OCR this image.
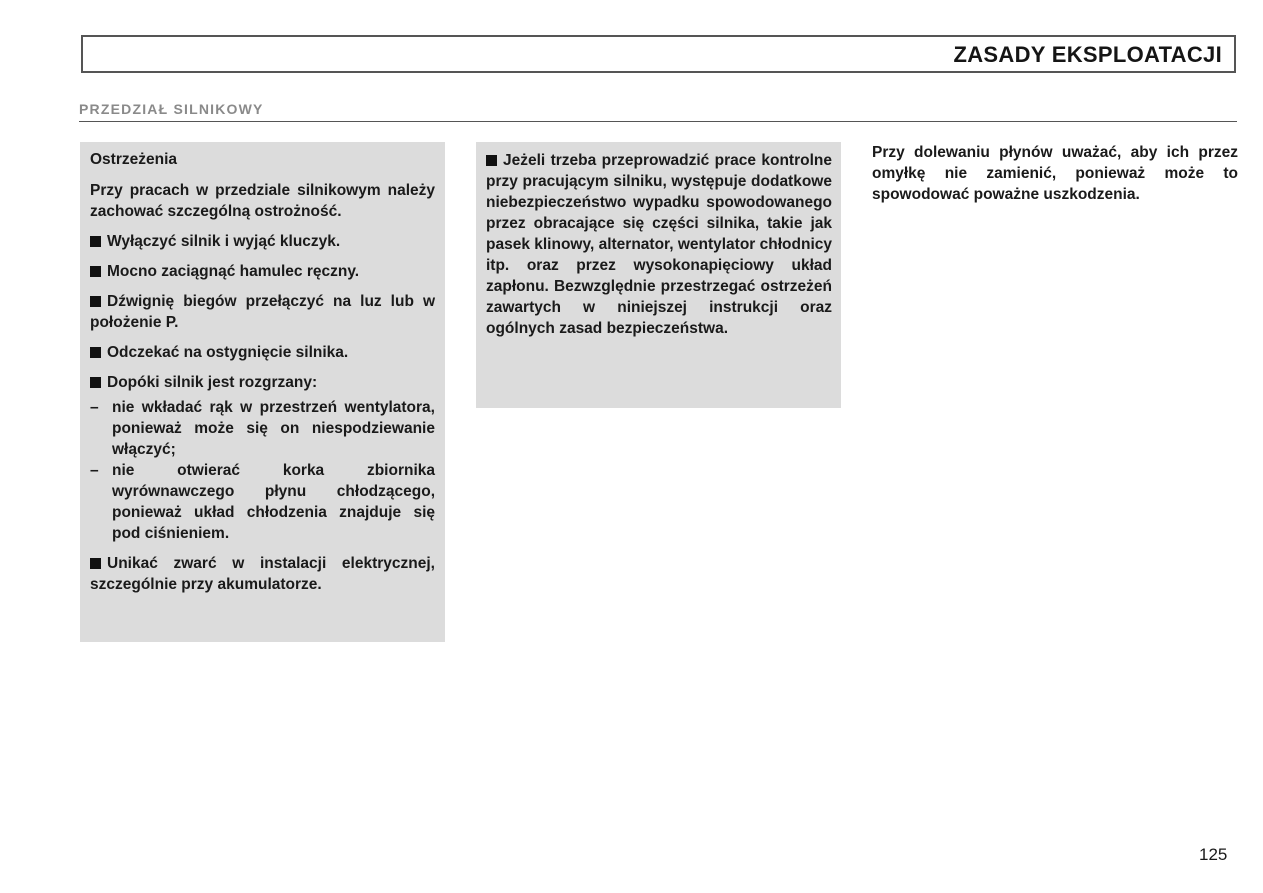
ZASADY EKSPLOATACJI
PRZEDZIAŁ SILNIKOWY
Ostrzeżenia

Przy pracach w przedziale silnikowym należy zachować szczególną ostrożność.

Wyłączyć silnik i wyjąć kluczyk.

Mocno zaciągnąć hamulec ręczny.

Dźwignię biegów przełączyć na luz lub w położenie P.

Odczekać na ostygnięcie silnika.

Dopóki silnik jest rozgrzany:

– nie wkładać rąk w przestrzeń wentylatora, ponieważ może się on niespodziewanie włączyć;

– nie otwierać korka zbiornika wyrównawczego płynu chłodzącego, ponieważ układ chłodzenia znajduje się pod ciśnieniem.

Unikać zwarć w instalacji elektrycznej, szczególnie przy akumulatorze.

Jeżeli trzeba przeprowadzić prace kontrolne przy pracującym silniku, występuje dodatkowe niebezpieczeństwo wypadku spowodowanego przez obracające się części silnika, takie jak pasek klinowy, alternator, wentylator chłodnicy itp. oraz przez wysokonapięciowy układ zapłonu. Bezwzględnie przestrzegać ostrzeżeń zawartych w niniejszej instrukcji oraz ogólnych zasad bezpieczeństwa.

Przy dolewaniu płynów uważać, aby ich przez omyłkę nie zamienić, ponieważ może to spowodować poważne uszkodzenia.

125
